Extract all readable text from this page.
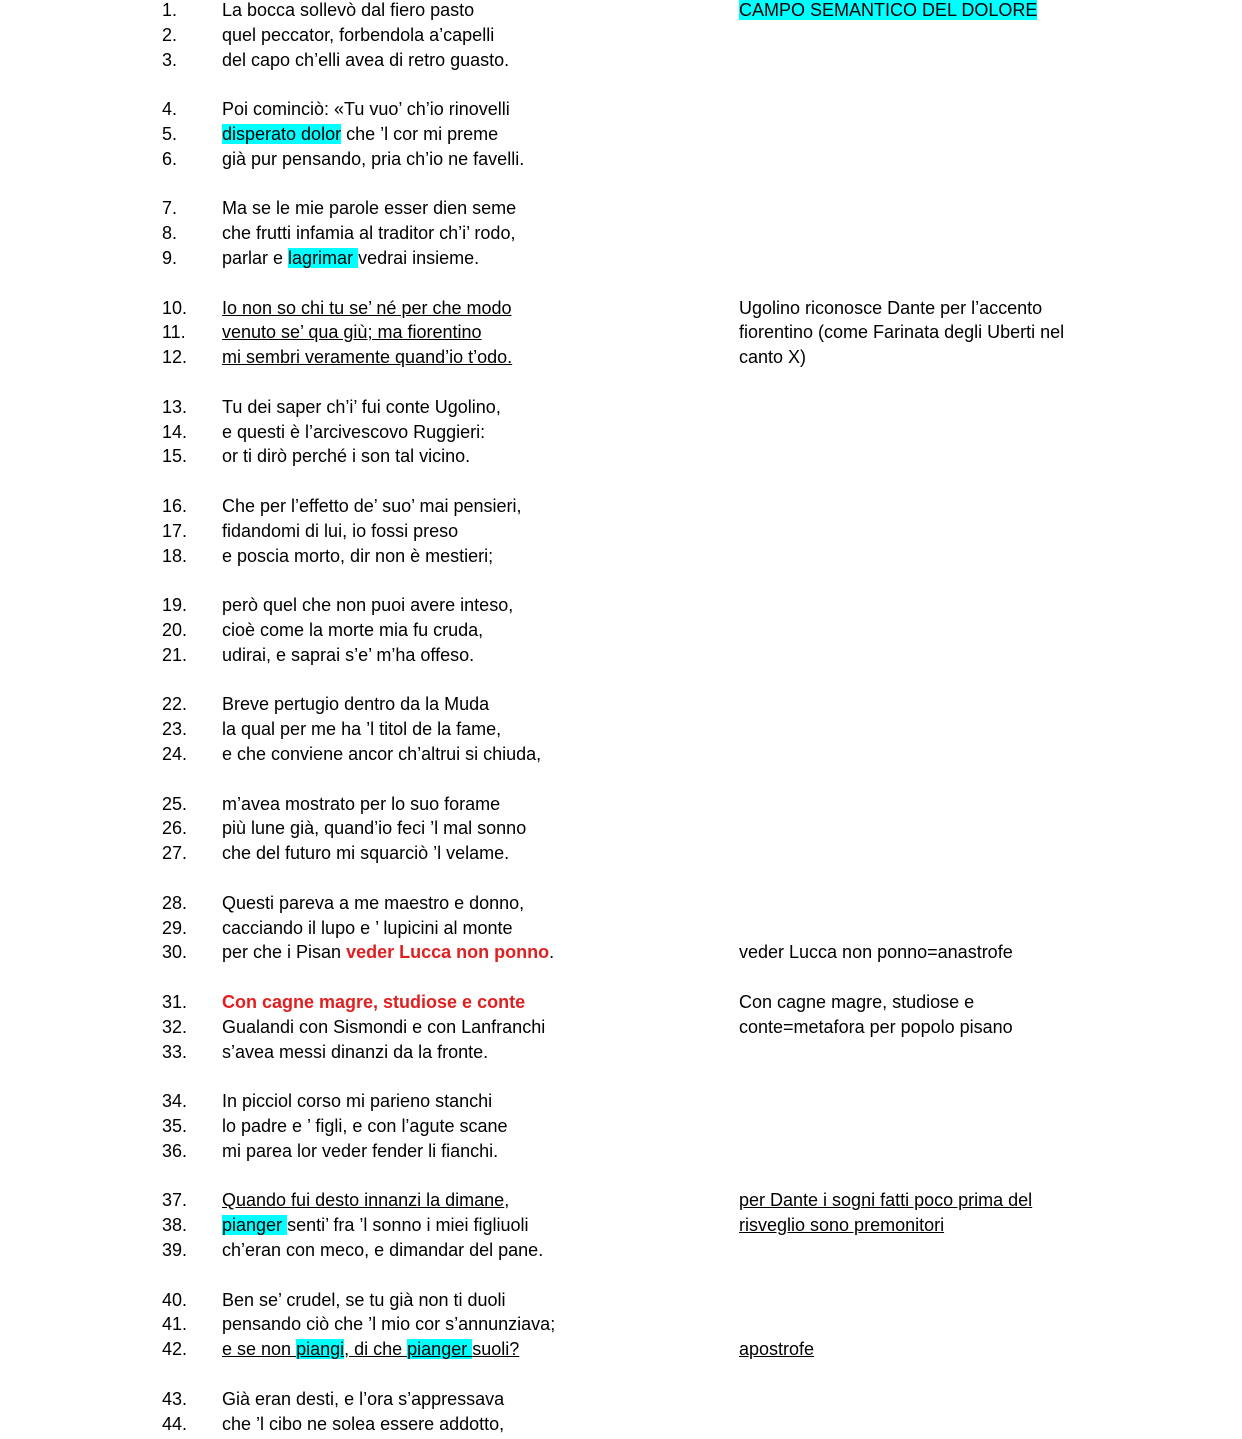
1. La bocca sollevò dal fiero pasto	CAMPO SEMANTICO DEL DOLORE
2. quel peccator, forbendola a’capelli
3. del capo ch’elli avea di retro guasto.
4. Poi cominciò: «Tu vuo’ ch’io rinovelli
5. disperato dolor che ’l cor mi preme
6. già pur pensando, pria ch’io ne favelli.
7. Ma se le mie parole esser dien seme
8. che frutti infamia al traditor ch’i’ rodo,
9. parlar e lagrimar vedrai insieme.
10. Io non so chi tu se’ né per che modo	Ugolino riconosce Dante per l’accento
11. venuto se’ qua giù; ma fiorentino	fiorentino (come Farinata degli Uberti nel
12. mi sembri veramente quand’io t’odo.	canto X)
13. Tu dei saper ch’i’ fui conte Ugolino,
14. e questi è l’arcivescovo Ruggieri:
15. or ti dirò perché i son tal vicino.
16. Che per l’effetto de’ suo’ mai pensieri,
17. fidandomi di lui, io fossi preso
18. e poscia morto, dir non è mestieri;
19. però quel che non puoi avere inteso,
20. cioè come la morte mia fu cruda,
21. udirai, e saprai s’e’ m’ha offeso.
22. Breve pertugio dentro da la Muda
23. la qual per me ha ’l titol de la fame,
24. e che conviene ancor ch’altrui si chiuda,
25. m’avea mostrato per lo suo forame
26. più lune già, quand’io feci ’l mal sonno
27. che del futuro mi squarciò ’l velame.
28. Questi pareva a me maestro e donno,
29. cacciando il lupo e ’ lupicini al monte
30. per che i Pisan veder Lucca non ponno.	veder Lucca non ponno=anastrofe
31. Con cagne magre, studiose e conte	Con cagne magre, studiose e
32. Gualandi con Sismondi e con Lanfranchi	conte=metafora per popolo pisano
33. s’avea messi dinanzi da la fronte.
34. In picciol corso mi parieno stanchi
35. lo padre e ’ figli, e con l’agute scane
36. mi parea lor veder fender li fianchi.
37. Quando fui desto innanzi la dimane,	per Dante i sogni fatti poco prima del
38. pianger senti’ fra ’l sonno i miei figliuoli	risveglio sono premonitori
39. ch’eran con meco, e dimandar del pane.
40. Ben se’ crudel, se tu già non ti duoli
41. pensando ciò che ’l mio cor s’annunziava;
42. e se non piangi, di che pianger suoli?	apostrofe
43. Già eran desti, e l’ora s’appressava
44. che ’l cibo ne solea essere addotto,
